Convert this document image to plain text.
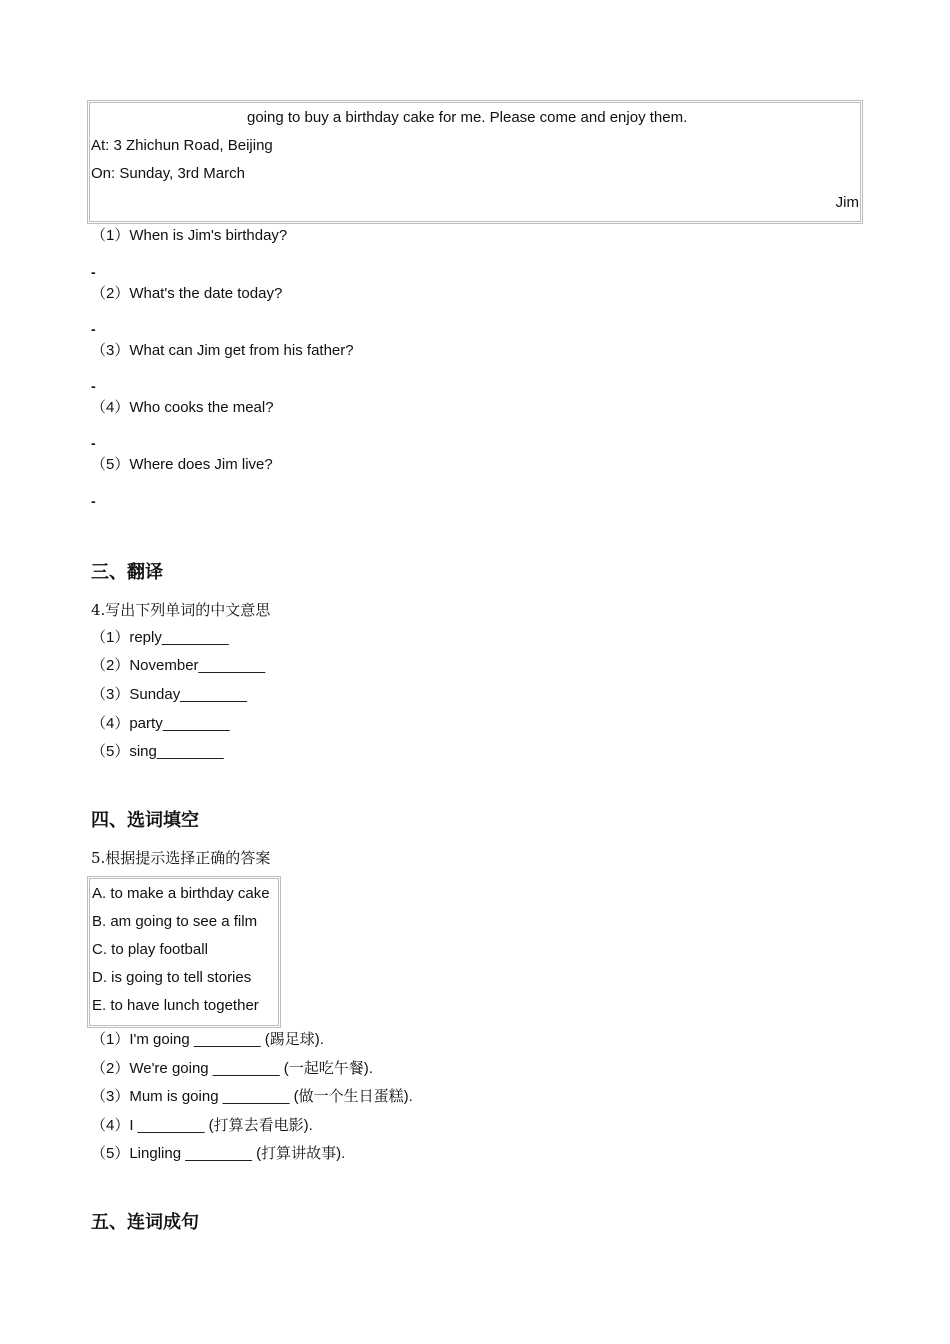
going to buy a birthday cake for me. Please come and enjoy them.
At: 3 Zhichun Road, Beijing
On: Sunday, 3rd March
Jim
（1）When is Jim's birthday?
-
（2）What's the date today?
-
（3）What can Jim get from his father?
-
（4）Who cooks the meal?
-
（5）Where does Jim live?
-
三、翻译
4.写出下列单词的中文意思
（1）reply________
（2）November________
（3）Sunday________
（4）party________
（5）sing________
四、选词填空
5.根据提示选择正确的答案
A. to make a birthday cake
B. am going to see a film
C. to play football
D. is going to tell stories
E. to have lunch together
（1）I'm going ________ (踢足球).
（2）We're going ________ (一起吃午餐).
（3）Mum is going ________ (做一个生日蛋糕).
（4）I ________ (打算去看电影).
（5）Lingling ________ (打算讲故事).
五、连词成句
